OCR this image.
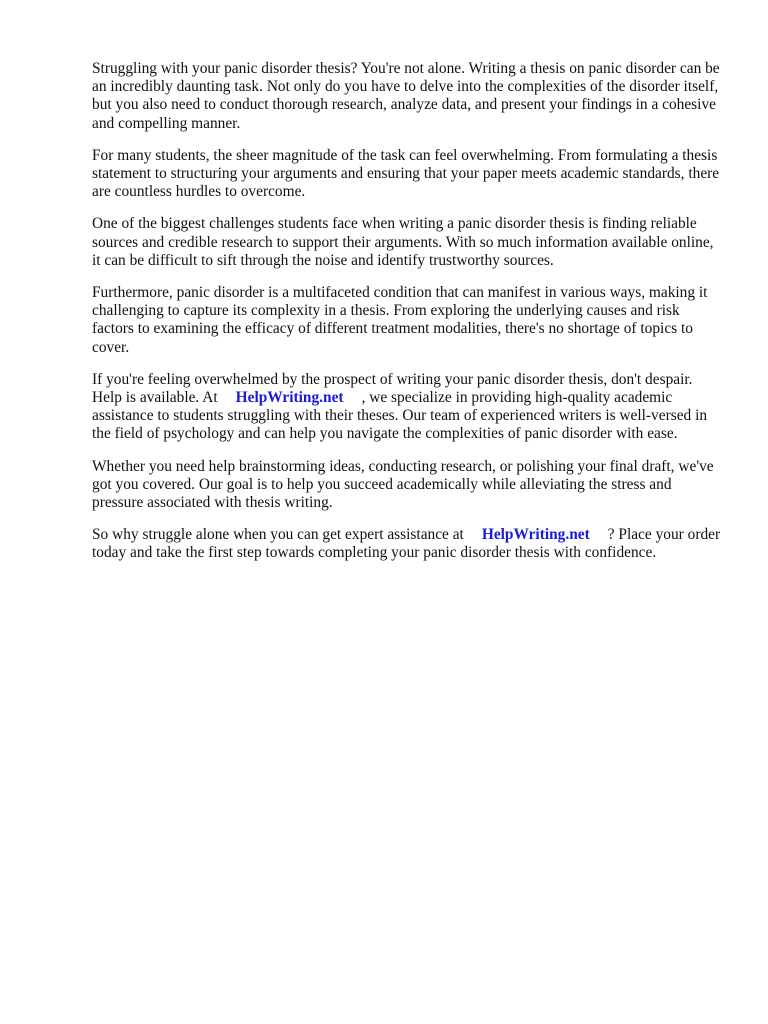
Struggling with your panic disorder thesis? You're not alone. Writing a thesis on panic disorder can be an incredibly daunting task. Not only do you have to delve into the complexities of the disorder itself, but you also need to conduct thorough research, analyze data, and present your findings in a cohesive and compelling manner.

For many students, the sheer magnitude of the task can feel overwhelming. From formulating a thesis statement to structuring your arguments and ensuring that your paper meets academic standards, there are countless hurdles to overcome.

One of the biggest challenges students face when writing a panic disorder thesis is finding reliable sources and credible research to support their arguments. With so much information available online, it can be difficult to sift through the noise and identify trustworthy sources.

Furthermore, panic disorder is a multifaceted condition that can manifest in various ways, making it challenging to capture its complexity in a thesis. From exploring the underlying causes and risk factors to examining the efficacy of different treatment modalities, there's no shortage of topics to cover.

If you're feeling overwhelmed by the prospect of writing your panic disorder thesis, don't despair. Help is available. At HelpWriting.net , we specialize in providing high-quality academic assistance to students struggling with their theses. Our team of experienced writers is well-versed in the field of psychology and can help you navigate the complexities of panic disorder with ease.

Whether you need help brainstorming ideas, conducting research, or polishing your final draft, we've got you covered. Our goal is to help you succeed academically while alleviating the stress and pressure associated with thesis writing.

So why struggle alone when you can get expert assistance at HelpWriting.net ? Place your order today and take the first step towards completing your panic disorder thesis with confidence.
